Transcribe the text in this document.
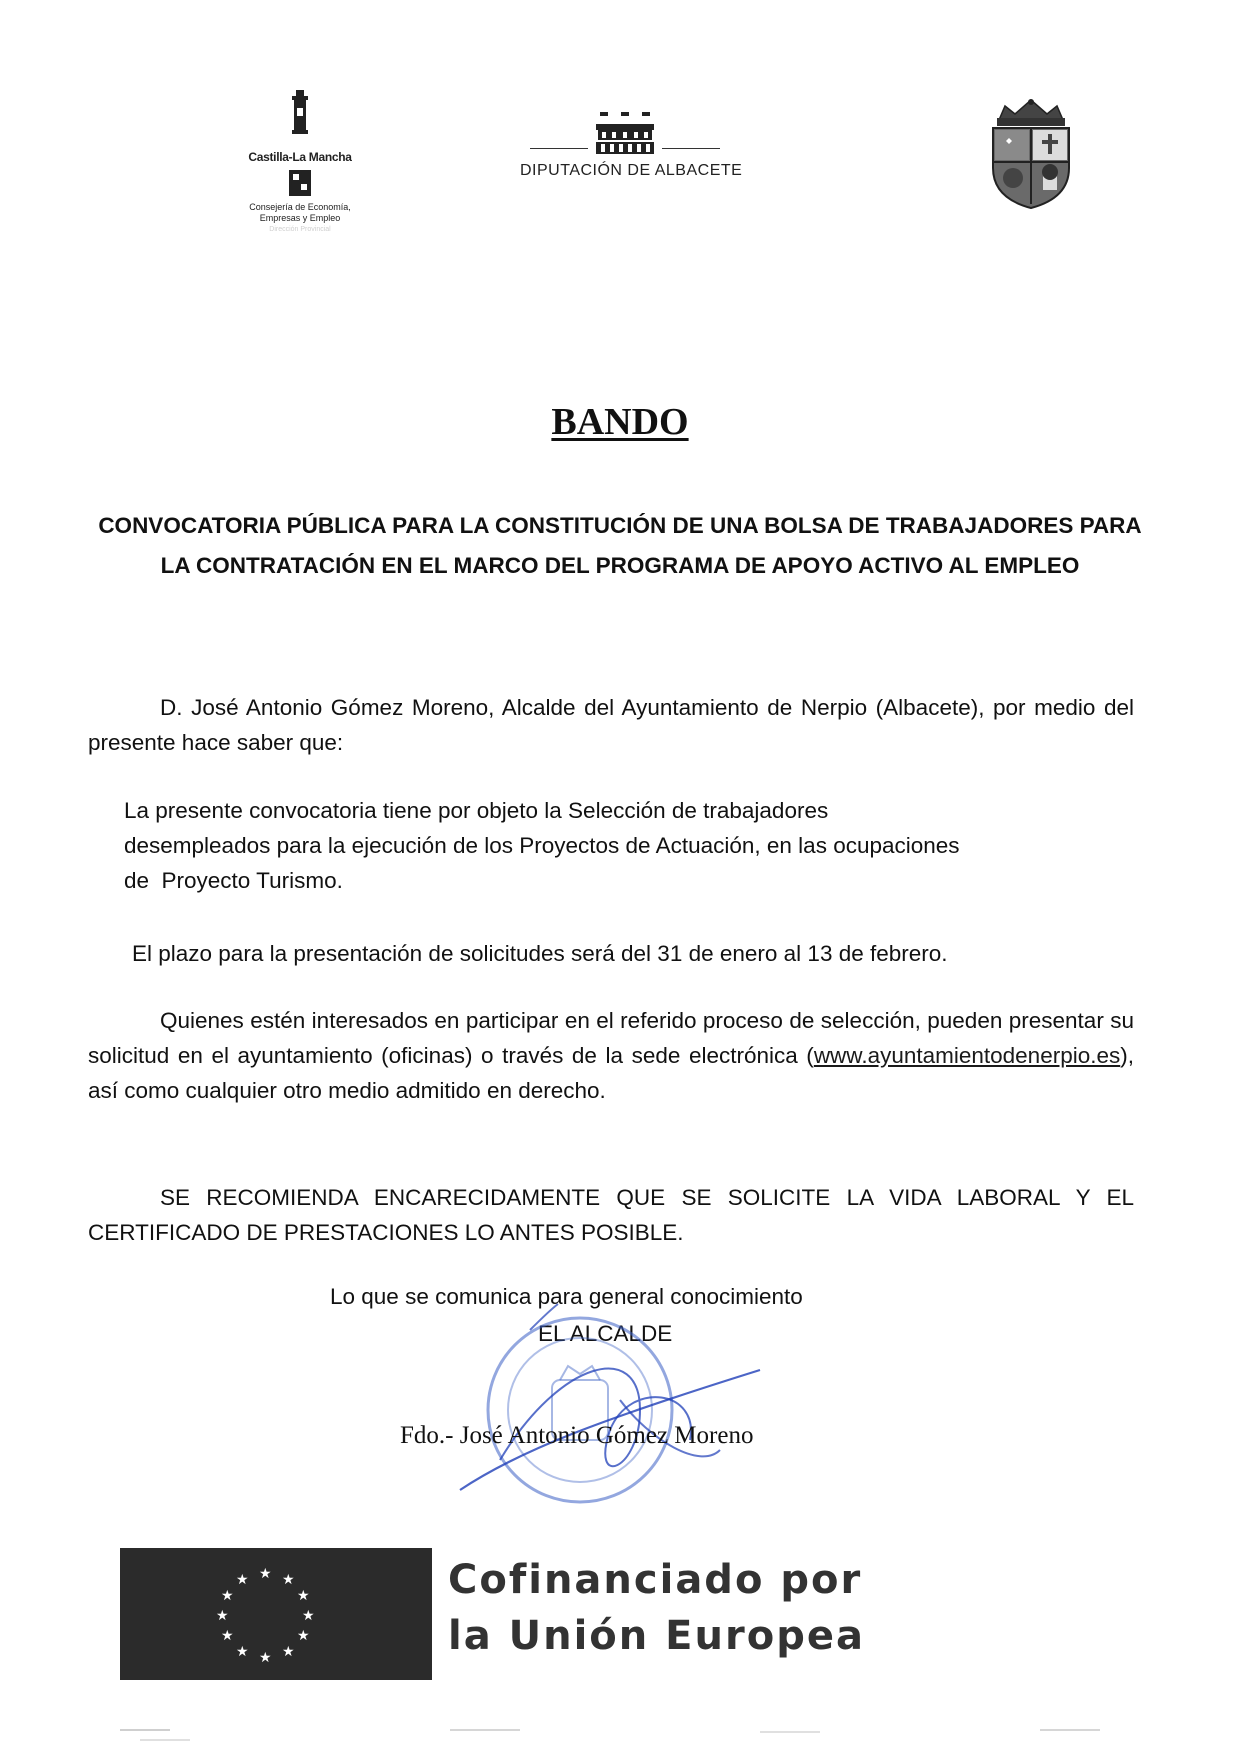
Castilla-La Mancha
Consejería de Economía,
Empresas y Empleo
Dirección Provincial
DIPUTACIÓN DE ALBACETE
BANDO
CONVOCATORIA PÚBLICA PARA LA CONSTITUCIÓN DE UNA BOLSA DE TRABAJADORES PARA LA CONTRATACIÓN EN EL MARCO DEL PROGRAMA DE APOYO ACTIVO AL EMPLEO
D. José Antonio Gómez Moreno, Alcalde del Ayuntamiento de Nerpio (Albacete), por medio del presente hace saber que:
La presente convocatoria tiene por objeto la Selección de trabajadores
desempleados para la ejecución de los Proyectos de Actuación, en las ocupaciones
de  Proyecto Turismo.
El plazo para la presentación de solicitudes será del 31 de enero al 13 de febrero.
Quienes estén interesados en participar en el referido proceso de selección, pueden presentar su solicitud en el ayuntamiento (oficinas) o través de la sede electrónica (www.ayuntamientodenerpio.es), así como cualquier otro medio admitido en derecho.
SE RECOMIENDA ENCARECIDAMENTE QUE SE SOLICITE LA VIDA LABORAL Y EL CERTIFICADO DE PRESTACIONES LO ANTES POSIBLE.
Lo que se comunica para general conocimiento
EL ALCALDE
Fdo.- José Antonio Gómez Moreno
★ ★
★
★
★
★
★
★
★
★
★
★	Cofinanciado por
la Unión Europea
